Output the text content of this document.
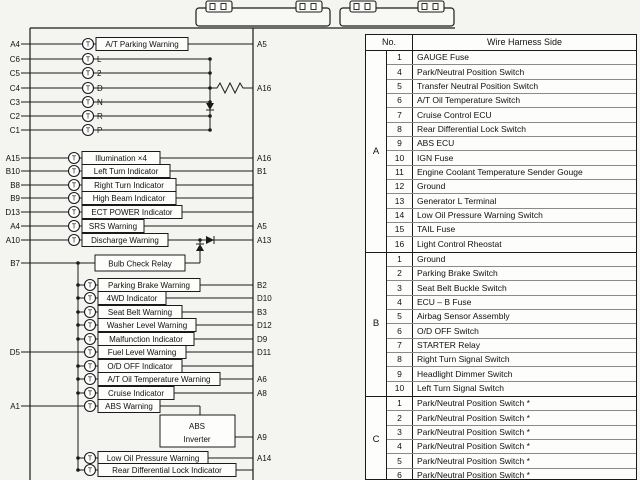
A4	A5
T A/T Parking Warning
C6	T L
C5	T 2
C4	A16
T D
C3	T N
C2	T R
C1	T P
A15	A16
T Illumination ×4
B10	B1
T Left Turn Indicator
B8	T Right Turn Indicator
B9	T High Beam Indicator
D13	T ECT POWER Indicator
A4	A5
T SRS Warning
A10	A13
T Discharge Warning
B2
T Parking Brake Warning
D10
T 4WD Indicator
B3
T Seat Belt Warning
D12
T Washer Level Warning
D9
T Malfunction Indicator
D5	D11
T Fuel Level Warning
T O/D OFF Indicator
A6
T A/T Oil Temperature Warning
A8
T Cruise Indicator
A1	T ABS Warning
A9
A14
T Low Oil Pressure Warning
T	Rear Differential Lock Indicator
B7	Bulb Check Relay
ABS
Inverter
No.	Wire Harness Side
A
1	GAUGE Fuse
4	Park/Neutral Position Switch
5	Transfer Neutral Position Switch
6	A/T Oil Temperature Switch
7	Cruise Control ECU
8	Rear Differential Lock Switch
9	ABS ECU
10	IGN Fuse
11	Engine Coolant Temperature Sender Gouge
12	Ground
13	Generator L Terminal
14	Low Oil Pressure Warning Switch
15	TAIL Fuse
16	Light Control Rheostat
B
1	Ground
2	Parking Brake Switch
3	Seat Belt Buckle Switch
4	ECU – B Fuse
5	Airbag Sensor Assembly
6	O/D OFF Switch
7	STARTER Relay
8	Right Turn Signal Switch
9	Headlight Dimmer Switch
10	Left Turn Signal Switch
C
1	Park/Neutral Position Switch *
2	Park/Neutral Position Switch *
3	Park/Neutral Position Switch *
4	Park/Neutral Position Switch *
5	Park/Neutral Position Switch *
6	Park/Neutral Position Switch *
